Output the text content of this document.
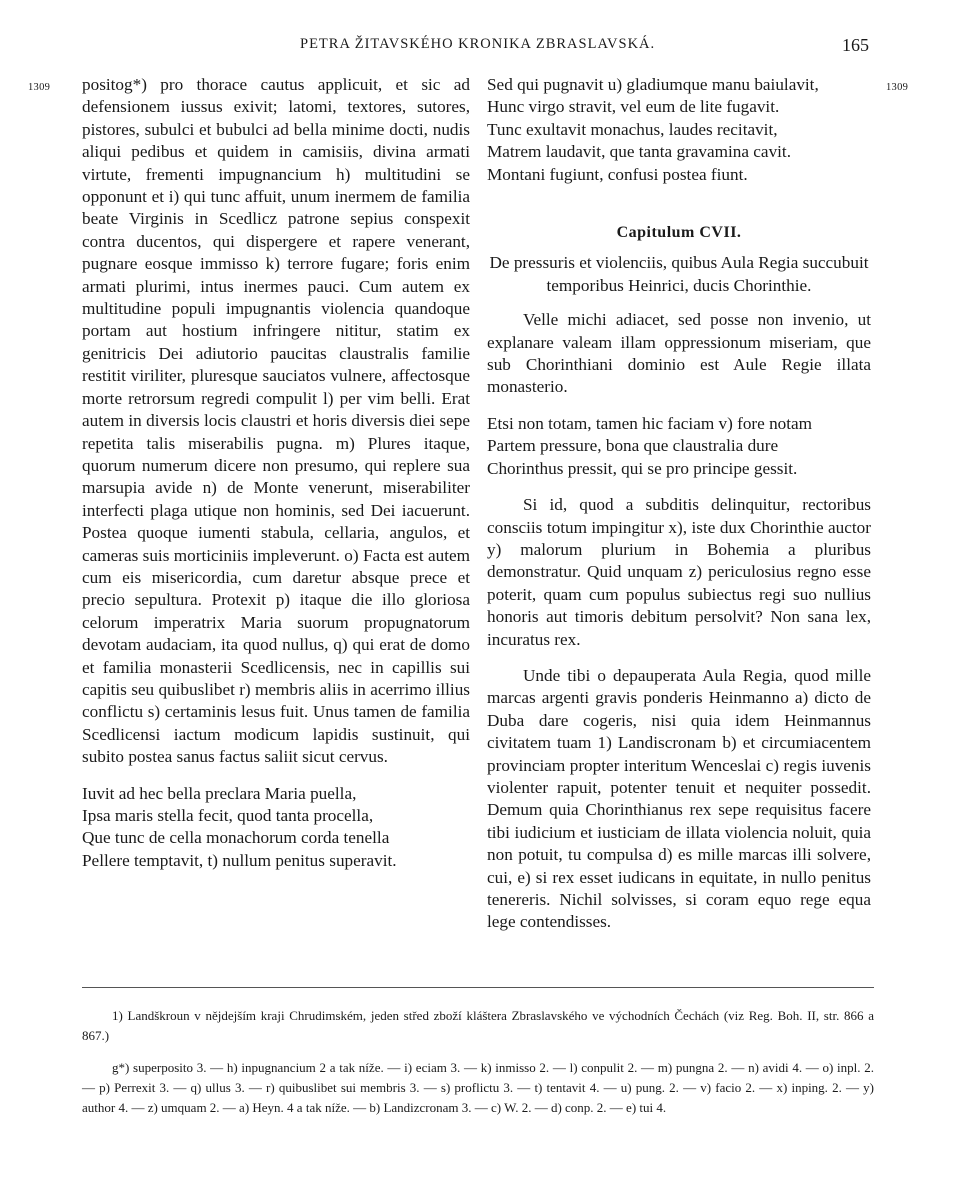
PETRA ŽITAVSKÉHO KRONIKA ZBRASLAVSKÁ.	165
1309	1309

positog*) pro thorace cautus applicuit, et sic ad defensionem iussus exivit; latomi, textores, sutores, pistores, subulci et bubulci ad bella minime docti, nudis aliqui pedibus et quidem in camisiis, divina armati virtute, frementi impugnancium h) multitudini se opponunt et i) qui tunc affuit, unum inermem de familia beate Virginis in Scedlicz patrone sepius conspexit contra ducentos, qui dispergere et rapere venerant, pugnare eosque immisso k) terrore fugare; foris enim armati plurimi, intus inermes pauci. Cum autem ex multitudine populi impugnantis violencia quandoque portam aut hostium infringere nititur, statim ex genitricis Dei adiutorio paucitas claustralis familie restitit viriliter, pluresque sauciatos vulnere, affectosque morte retrorsum regredi compulit l) per vim belli. Erat autem in diversis locis claustri et horis diversis diei sepe repetita talis miserabilis pugna. m) Plures itaque, quorum numerum dicere non presumo, qui replere sua marsupia avide n) de Monte venerunt, miserabiliter interfecti plaga utique non hominis, sed Dei iacuerunt. Postea quoque iumenti stabula, cellaria, angulos, et cameras suis morticiniis impleverunt. o) Facta est autem cum eis misericordia, cum daretur absque prece et precio sepultura. Protexit p) itaque die illo gloriosa celorum imperatrix Maria suorum propugnatorum devotam audaciam, ita quod nullus, q) qui erat de domo et familia monasterii Scedlicensis, nec in capillis sui capitis seu quibuslibet r) membris aliis in acerrimo illius conflictu s) certaminis lesus fuit. Unus tamen de familia Scedlicensi iactum modicum lapidis sustinuit, qui subito postea sanus factus saliit sicut cervus.

Iuvit ad hec bella preclara Maria puella,
Ipsa maris stella fecit, quod tanta procella,
Que tunc de cella monachorum corda tenella
Pellere temptavit, t) nullum penitus superavit.
Sed qui pugnavit u) gladiumque manu baiulavit,
Hunc virgo stravit, vel eum de lite fugavit.
Tunc exultavit monachus, laudes recitavit,
Matrem laudavit, que tanta gravamina cavit.
Montani fugiunt, confusi postea fiunt.
Capitulum CVII.

De pressuris et violenciis, quibus Aula Regia succubuit temporibus Heinrici, ducis Chorinthie.

Velle michi adiacet, sed posse non invenio, ut explanare valeam illam oppressionum miseriam, que sub Chorinthiani dominio est Aule Regie illata monasterio.

Etsi non totam, tamen hic faciam v) fore notam
Partem pressure, bona que claustralia dure
Chorinthus pressit, qui se pro principe gessit.

Si id, quod a subditis delinquitur, rectoribus consciis totum impingitur x), iste dux Chorinthie auctor y) malorum plurium in Bohemia a pluribus demonstratur. Quid unquam z) periculosius regno esse poterit, quam cum populus subiectus regi suo nullius honoris aut timoris debitum persolvit? Non sana lex, incuratus rex.

Unde tibi o depauperata Aula Regia, quod mille marcas argenti gravis ponderis Heinmanno a) dicto de Duba dare cogeris, nisi quia idem Heinmannus civitatem tuam 1) Landiscronam b) et circumiacentem provinciam propter interitum Wenceslai c) regis iuvenis violenter rapuit, potenter tenuit et nequiter possedit. Demum quia Chorinthianus rex sepe requisitus facere tibi iudicium et iusticiam de illata violencia noluit, quia non potuit, tu compulsa d) es mille marcas illi solvere, cui, e) si rex esset iudicans in equitate, in nullo penitus tenereris. Nichil solvisses, si coram equo rege equa lege contendisses.

1) Landškroun v nějdejším kraji Chrudimském, jeden střed zboží kláštera Zbraslavského ve východních Čechách (viz Reg. Boh. II, str. 866 a 867.)

g*) superposito 3. — h) inpugnancium 2 a tak níže. — i) eciam 3. — k) inmisso 2. — l) conpulit 2. — m) pungna 2. — n) avidi 4. — o) inpl. 2. — p) Perrexit 3. — q) ullus 3. — r) quibuslibet sui membris 3. — s) proflictu 3. — t) tentavit 4. — u) pung. 2. — v) facio 2. — x) inping. 2. — y) author 4. — z) umquam 2. — a) Heyn. 4 a tak níže. — b) Landizcronam 3. — c) W. 2. — d) conp. 2. — e) tui 4.
